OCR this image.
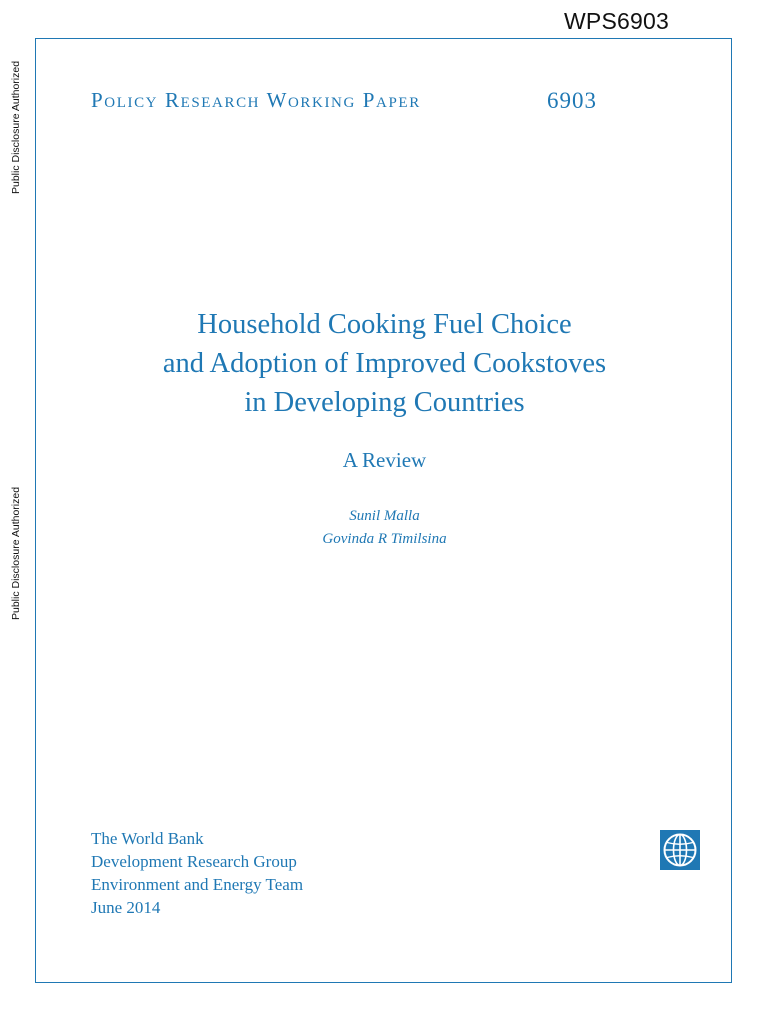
WPS6903
Public Disclosure Authorized
Public Disclosure Authorized
Policy Research Working Paper	6903
Household Cooking Fuel Choice
and Adoption of Improved Cookstoves
in Developing Countries
A Review
Sunil Malla
Govinda R Timilsina
The World Bank
Development Research Group
Environment and Energy Team
June 2014
